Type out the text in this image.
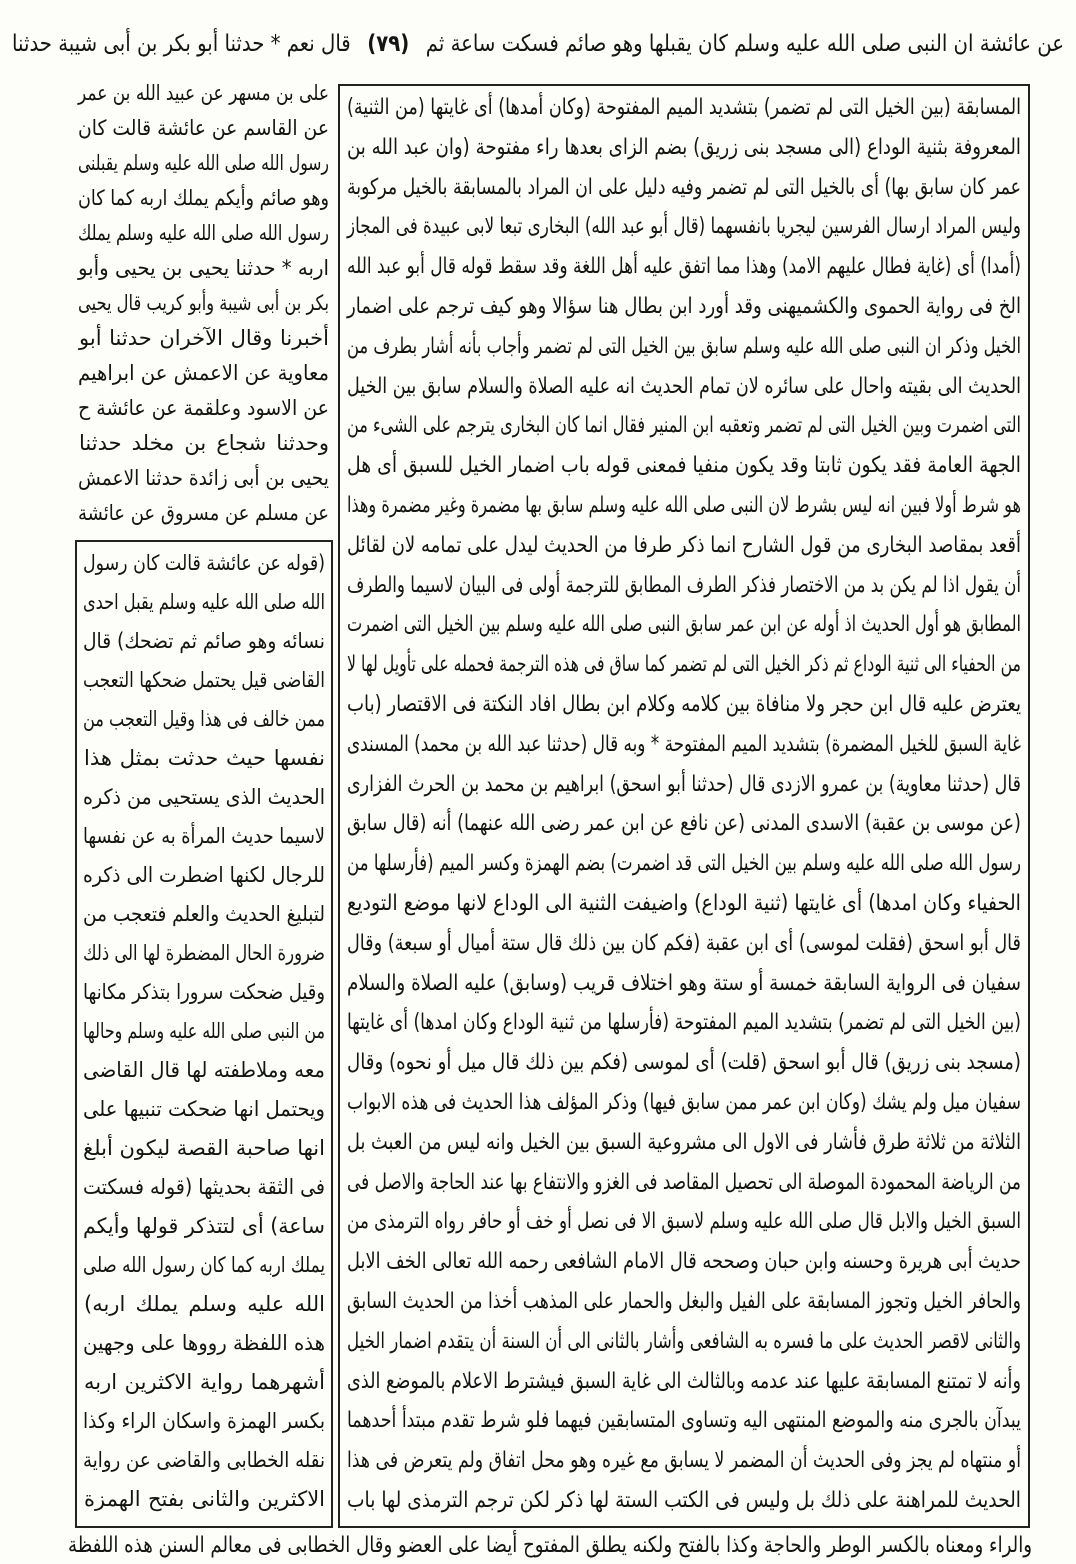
عن عائشة ان النبى صلى الله عليه وسلم كان يقبلها وهو صائم فسكت ساعة ثم (٧٩) قال نعم * حدثنا أبو بكر بن أبى شيبة حدثنا
المسابقة (بين الخيل التى لم تضمر) بتشديد الميم المفتوحة (وكان أمدها) أى غايتها (من الثنية)
المعروفة بثنية الوداع (الى مسجد بنى زريق) بضم الزاى بعدها راء مفتوحة (وان عبد الله بن
عمر كان سابق بها) أى بالخيل التى لم تضمر وفيه دليل على ان المراد بالمسابقة بالخيل مركوبة
وليس المراد ارسال الفرسين ليجريا بانفسهما (قال أبو عبد الله) البخارى تبعا لابى عبيدة فى المجاز
(أمدا) أى (غاية فطال عليهم الامد) وهذا مما اتفق عليه أهل اللغة وقد سقط قوله قال أبو عبد الله
الخ فى رواية الحموى والكشميهنى وقد أورد ابن بطال هنا سؤالا وهو كيف ترجم على اضمار
الخيل وذكر ان النبى صلى الله عليه وسلم سابق بين الخيل التى لم تضمر وأجاب بأنه أشار بطرف من
الحديث الى بقيته واحال على سائره لان تمام الحديث انه عليه الصلاة والسلام سابق بين الخيل
التى اضمرت وبين الخيل التى لم تضمر وتعقبه ابن المنير فقال انما كان البخارى يترجم على الشىء من
الجهة العامة فقد يكون ثابتا وقد يكون منفيا فمعنى قوله باب اضمار الخيل للسبق أى هل
هو شرط أولا فبين انه ليس بشرط لان النبى صلى الله عليه وسلم سابق بها مضمرة وغير مضمرة وهذا
أقعد بمقاصد البخارى من قول الشارح انما ذكر طرفا من الحديث ليدل على تمامه لان لقائل
أن يقول اذا لم يكن بد من الاختصار فذكر الطرف المطابق للترجمة أولى فى البيان لاسيما والطرف
المطابق هو أول الحديث اذ أوله عن ابن عمر سابق النبى صلى الله عليه وسلم بين الخيل التى اضمرت
من الحفياء الى ثنية الوداع ثم ذكر الخيل التى لم تضمر كما ساق فى هذه الترجمة فحمله على تأويل لها لا
يعترض عليه قال ابن حجر ولا منافاة بين كلامه وكلام ابن بطال افاد النكتة فى الاقتصار (باب
غاية السبق للخيل المضمرة) بتشديد الميم المفتوحة * وبه قال (حدثنا عبد الله بن محمد) المسندى
قال (حدثنا معاوية) بن عمرو الازدى قال (حدثنا أبو اسحق) ابراهيم بن محمد بن الحرث الفزارى
(عن موسى بن عقبة) الاسدى المدنى (عن نافع عن ابن عمر رضى الله عنهما) أنه (قال سابق
رسول الله صلى الله عليه وسلم بين الخيل التى قد اضمرت) بضم الهمزة وكسر الميم (فأرسلها من
الحفياء وكان امدها) أى غايتها (ثنية الوداع) واضيفت الثنية الى الوداع لانها موضع التوديع
قال أبو اسحق (فقلت لموسى) أى ابن عقبة (فكم كان بين ذلك قال ستة أميال أو سبعة) وقال
سفيان فى الرواية السابقة خمسة أو ستة وهو اختلاف قريب (وسابق) عليه الصلاة والسلام
(بين الخيل التى لم تضمر) بتشديد الميم المفتوحة (فأرسلها من ثنية الوداع وكان امدها) أى غايتها
(مسجد بنى زريق) قال أبو اسحق (قلت) أى لموسى (فكم بين ذلك قال ميل أو نحوه) وقال
سفيان ميل ولم يشك (وكان ابن عمر ممن سابق فيها) وذكر المؤلف هذا الحديث فى هذه الابواب
الثلاثة من ثلاثة طرق فأشار فى الاول الى مشروعية السبق بين الخيل وانه ليس من العبث بل
من الرياضة المحمودة الموصلة الى تحصيل المقاصد فى الغزو والانتفاع بها عند الحاجة والاصل فى
السبق الخيل والابل قال صلى الله عليه وسلم لاسبق الا فى نصل أو خف أو حافر رواه الترمذى من
حديث أبى هريرة وحسنه وابن حبان وصححه قال الامام الشافعى رحمه الله تعالى الخف الابل
والحافر الخيل وتجوز المسابقة على الفيل والبغل والحمار على المذهب أخذا من الحديث السابق
والثانى لاقصر الحديث على ما فسره به الشافعى وأشار بالثانى الى أن السنة أن يتقدم اضمار الخيل
وأنه لا تمتنع المسابقة عليها عند عدمه وبالثالث الى غاية السبق فيشترط الاعلام بالموضع الذى
يبدآن بالجرى منه والموضع المنتهى اليه وتساوى المتسابقين فيهما فلو شرط تقدم مبتدأ أحدهما
أو منتهاه لم يجز وفى الحديث أن المضمر لا يسابق مع غيره وهو محل اتفاق ولم يتعرض فى هذا
الحديث للمراهنة على ذلك بل وليس فى الكتب الستة لها ذكر لكن ترجم الترمذى لها باب
على بن مسهر عن عبيد الله بن عمر
عن القاسم عن عائشة قالت كان
رسول الله صلى الله عليه وسلم يقبلنى
وهو صائم وأيكم يملك اربه كما كان
رسول الله صلى الله عليه وسلم يملك
اربه * حدثنا يحيى بن يحيى وأبو
بكر بن أبى شيبة وأبو كريب قال يحيى
أخبرنا وقال الآخران حدثنا أبو
معاوية عن الاعمش عن ابراهيم
عن الاسود وعلقمة عن عائشة ح
وحدثنا شجاع بن مخلد حدثنا
يحيى بن أبى زائدة حدثنا الاعمش
عن مسلم عن مسروق عن عائشة
(قوله عن عائشة قالت كان رسول
الله صلى الله عليه وسلم يقبل احدى
نسائه وهو صائم ثم تضحك) قال
القاضى قيل يحتمل ضحكها التعجب
ممن خالف فى هذا وقيل التعجب من
نفسها حيث حدثت بمثل هذا
الحديث الذى يستحيى من ذكره
لاسيما حديث المرأة به عن نفسها
للرجال لكنها اضطرت الى ذكره
لتبليغ الحديث والعلم فتعجب من
ضرورة الحال المضطرة لها الى ذلك
وقيل ضحكت سرورا بتذكر مكانها
من النبى صلى الله عليه وسلم وحالها
معه وملاطفته لها قال القاضى
ويحتمل انها ضحكت تنبيها على
انها صاحبة القصة ليكون أبلغ
فى الثقة بحديثها (قوله فسكتت
ساعة) أى لتتذكر قولها وأيكم
يملك اربه كما كان رسول الله صلى
الله عليه وسلم يملك اربه)
هذه اللفظة رووها على وجهين
أشهرهما رواية الاكثرين اربه
بكسر الهمزة واسكان الراء وكذا
نقله الخطابى والقاضى عن رواية
الاكثرين والثانى بفتح الهمزة
والراء ومعناه بالكسر الوطر والحاجة وكذا بالفتح ولكنه يطلق المفتوح أيضا على العضو وقال الخطابى فى معالم السنن هذه اللفظة
